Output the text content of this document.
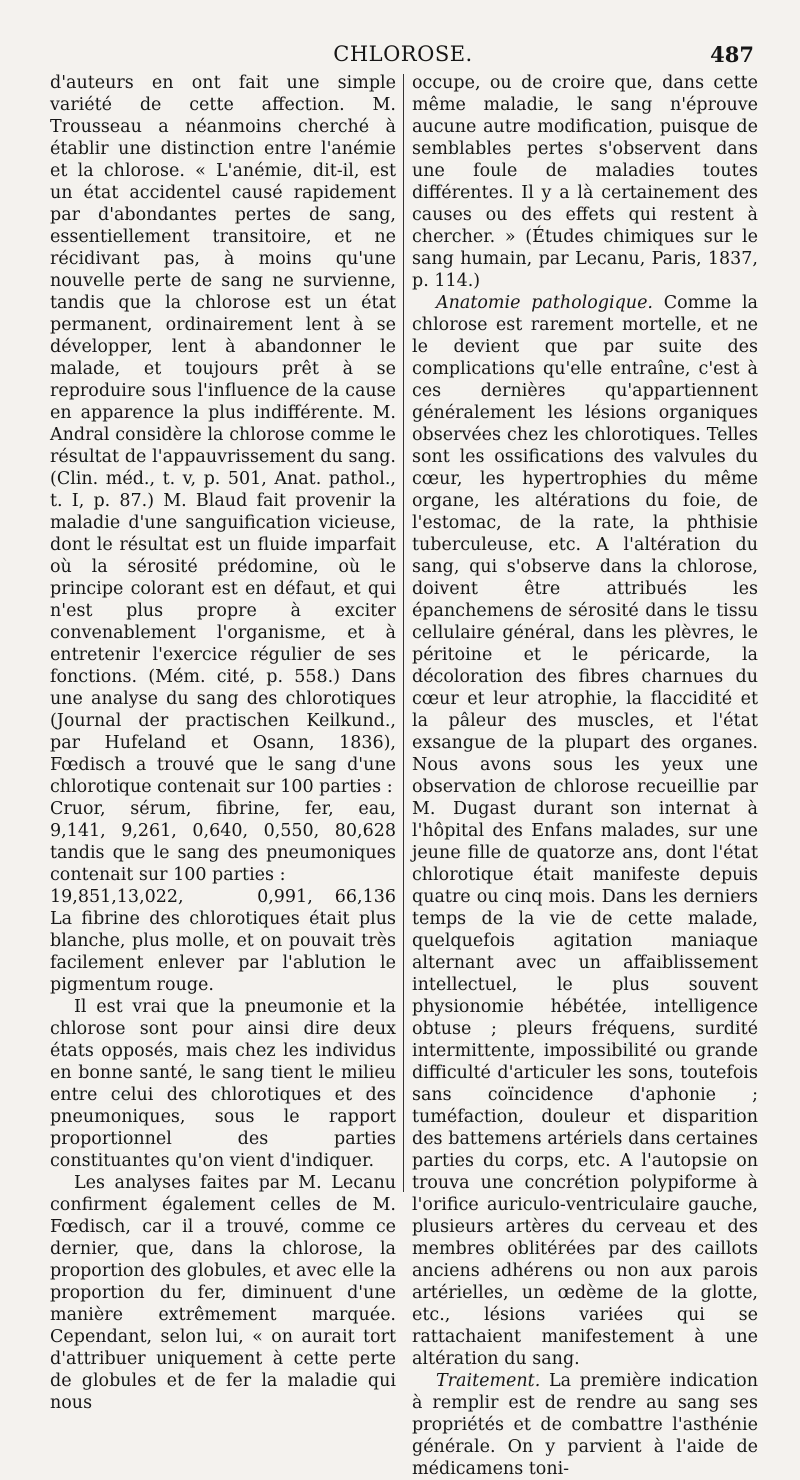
CHLOROSE.	487

d'auteurs en ont fait une simple variété de cette affection. M. Trousseau a néanmoins cherché à établir une distinction entre l'anémie et la chlorose. « L'anémie, dit-il, est un état accidentel causé rapidement par d'abondantes pertes de sang, essentiellement transitoire, et ne récidivant pas, à moins qu'une nouvelle perte de sang ne survienne, tandis que la chlorose est un état permanent, ordinairement lent à se développer, lent à abandonner le malade, et toujours prêt à se reproduire sous l'influence de la cause en apparence la plus indifférente. M. Andral considère la chlorose comme le résultat de l'appauvrissement du sang. (Clin. méd., t. v, p. 501, Anat. pathol., t. I, p. 87.) M. Blaud fait provenir la maladie d'une sanguification vicieuse, dont le résultat est un fluide imparfait où la sérosité prédomine, où le principe colorant est en défaut, et qui n'est plus propre à exciter convenablement l'organisme, et à entretenir l'exercice régulier de ses fonctions. (Mém. cité, p. 558.) Dans une analyse du sang des chlorotiques (Journal der practischen Keilkund., par Hufeland et Osann, 1836), Fœdisch a trouvé que le sang d'une chlorotique contenait sur 100 parties :

Cruor, sérum, fibrine, fer, eau,
9,141, 9,261, 0,640, 0,550, 80,628

tandis que le sang des pneumoniques contenait sur 100 parties :

19,851, 13,022,	0,991, 66,136

La fibrine des chlorotiques était plus blanche, plus molle, et on pouvait très facilement enlever par l'ablution le pigmentum rouge.

Il est vrai que la pneumonie et la chlorose sont pour ainsi dire deux états opposés, mais chez les individus en bonne santé, le sang tient le milieu entre celui des chlorotiques et des pneumoniques, sous le rapport proportionnel des parties constituantes qu'on vient d'indiquer.

Les analyses faites par M. Lecanu confirment également celles de M. Fœdisch, car il a trouvé, comme ce dernier, que, dans la chlorose, la proportion des globules, et avec elle la proportion du fer, diminuent d'une manière extrêmement marquée. Cependant, selon lui, « on aurait tort d'attribuer uniquement à cette perte de globules et de fer la maladie qui nous

occupe, ou de croire que, dans cette même maladie, le sang n'éprouve aucune autre modification, puisque de semblables pertes s'observent dans une foule de maladies toutes différentes. Il y a là certainement des causes ou des effets qui restent à chercher. » (Études chimiques sur le sang humain, par Lecanu, Paris, 1837, p. 114.)

Anatomie pathologique. Comme la chlorose est rarement mortelle, et ne le devient que par suite des complications qu'elle entraîne, c'est à ces dernières qu'appartiennent généralement les lésions organiques observées chez les chlorotiques. Telles sont les ossifications des valvules du cœur, les hypertrophies du même organe, les altérations du foie, de l'estomac, de la rate, la phthisie tuberculeuse, etc. A l'altération du sang, qui s'observe dans la chlorose, doivent être attribués les épanchemens de sérosité dans le tissu cellulaire général, dans les plèvres, le péritoine et le péricarde, la décoloration des fibres charnues du cœur et leur atrophie, la flaccidité et la pâleur des muscles, et l'état exsangue de la plupart des organes. Nous avons sous les yeux une observation de chlorose recueillie par M. Dugast durant son internat à l'hôpital des Enfans malades, sur une jeune fille de quatorze ans, dont l'état chlorotique était manifeste depuis quatre ou cinq mois. Dans les derniers temps de la vie de cette malade, quelquefois agitation maniaque alternant avec un affaiblissement intellectuel, le plus souvent physionomie hébétée, intelligence obtuse ; pleurs fréquens, surdité intermittente, impossibilité ou grande difficulté d'articuler les sons, toutefois sans coïncidence d'aphonie ; tuméfaction, douleur et disparition des battemens artériels dans certaines parties du corps, etc. A l'autopsie on trouva une concrétion polypiforme à l'orifice auriculo-ventriculaire gauche, plusieurs artères du cerveau et des membres oblitérées par des caillots anciens adhérens ou non aux parois artérielles, un œdème de la glotte, etc., lésions variées qui se rattachaient manifestement à une altération du sang.

Traitement. La première indication à remplir est de rendre au sang ses propriétés et de combattre l'asthénie générale. On y parvient à l'aide de médicamens toni-
